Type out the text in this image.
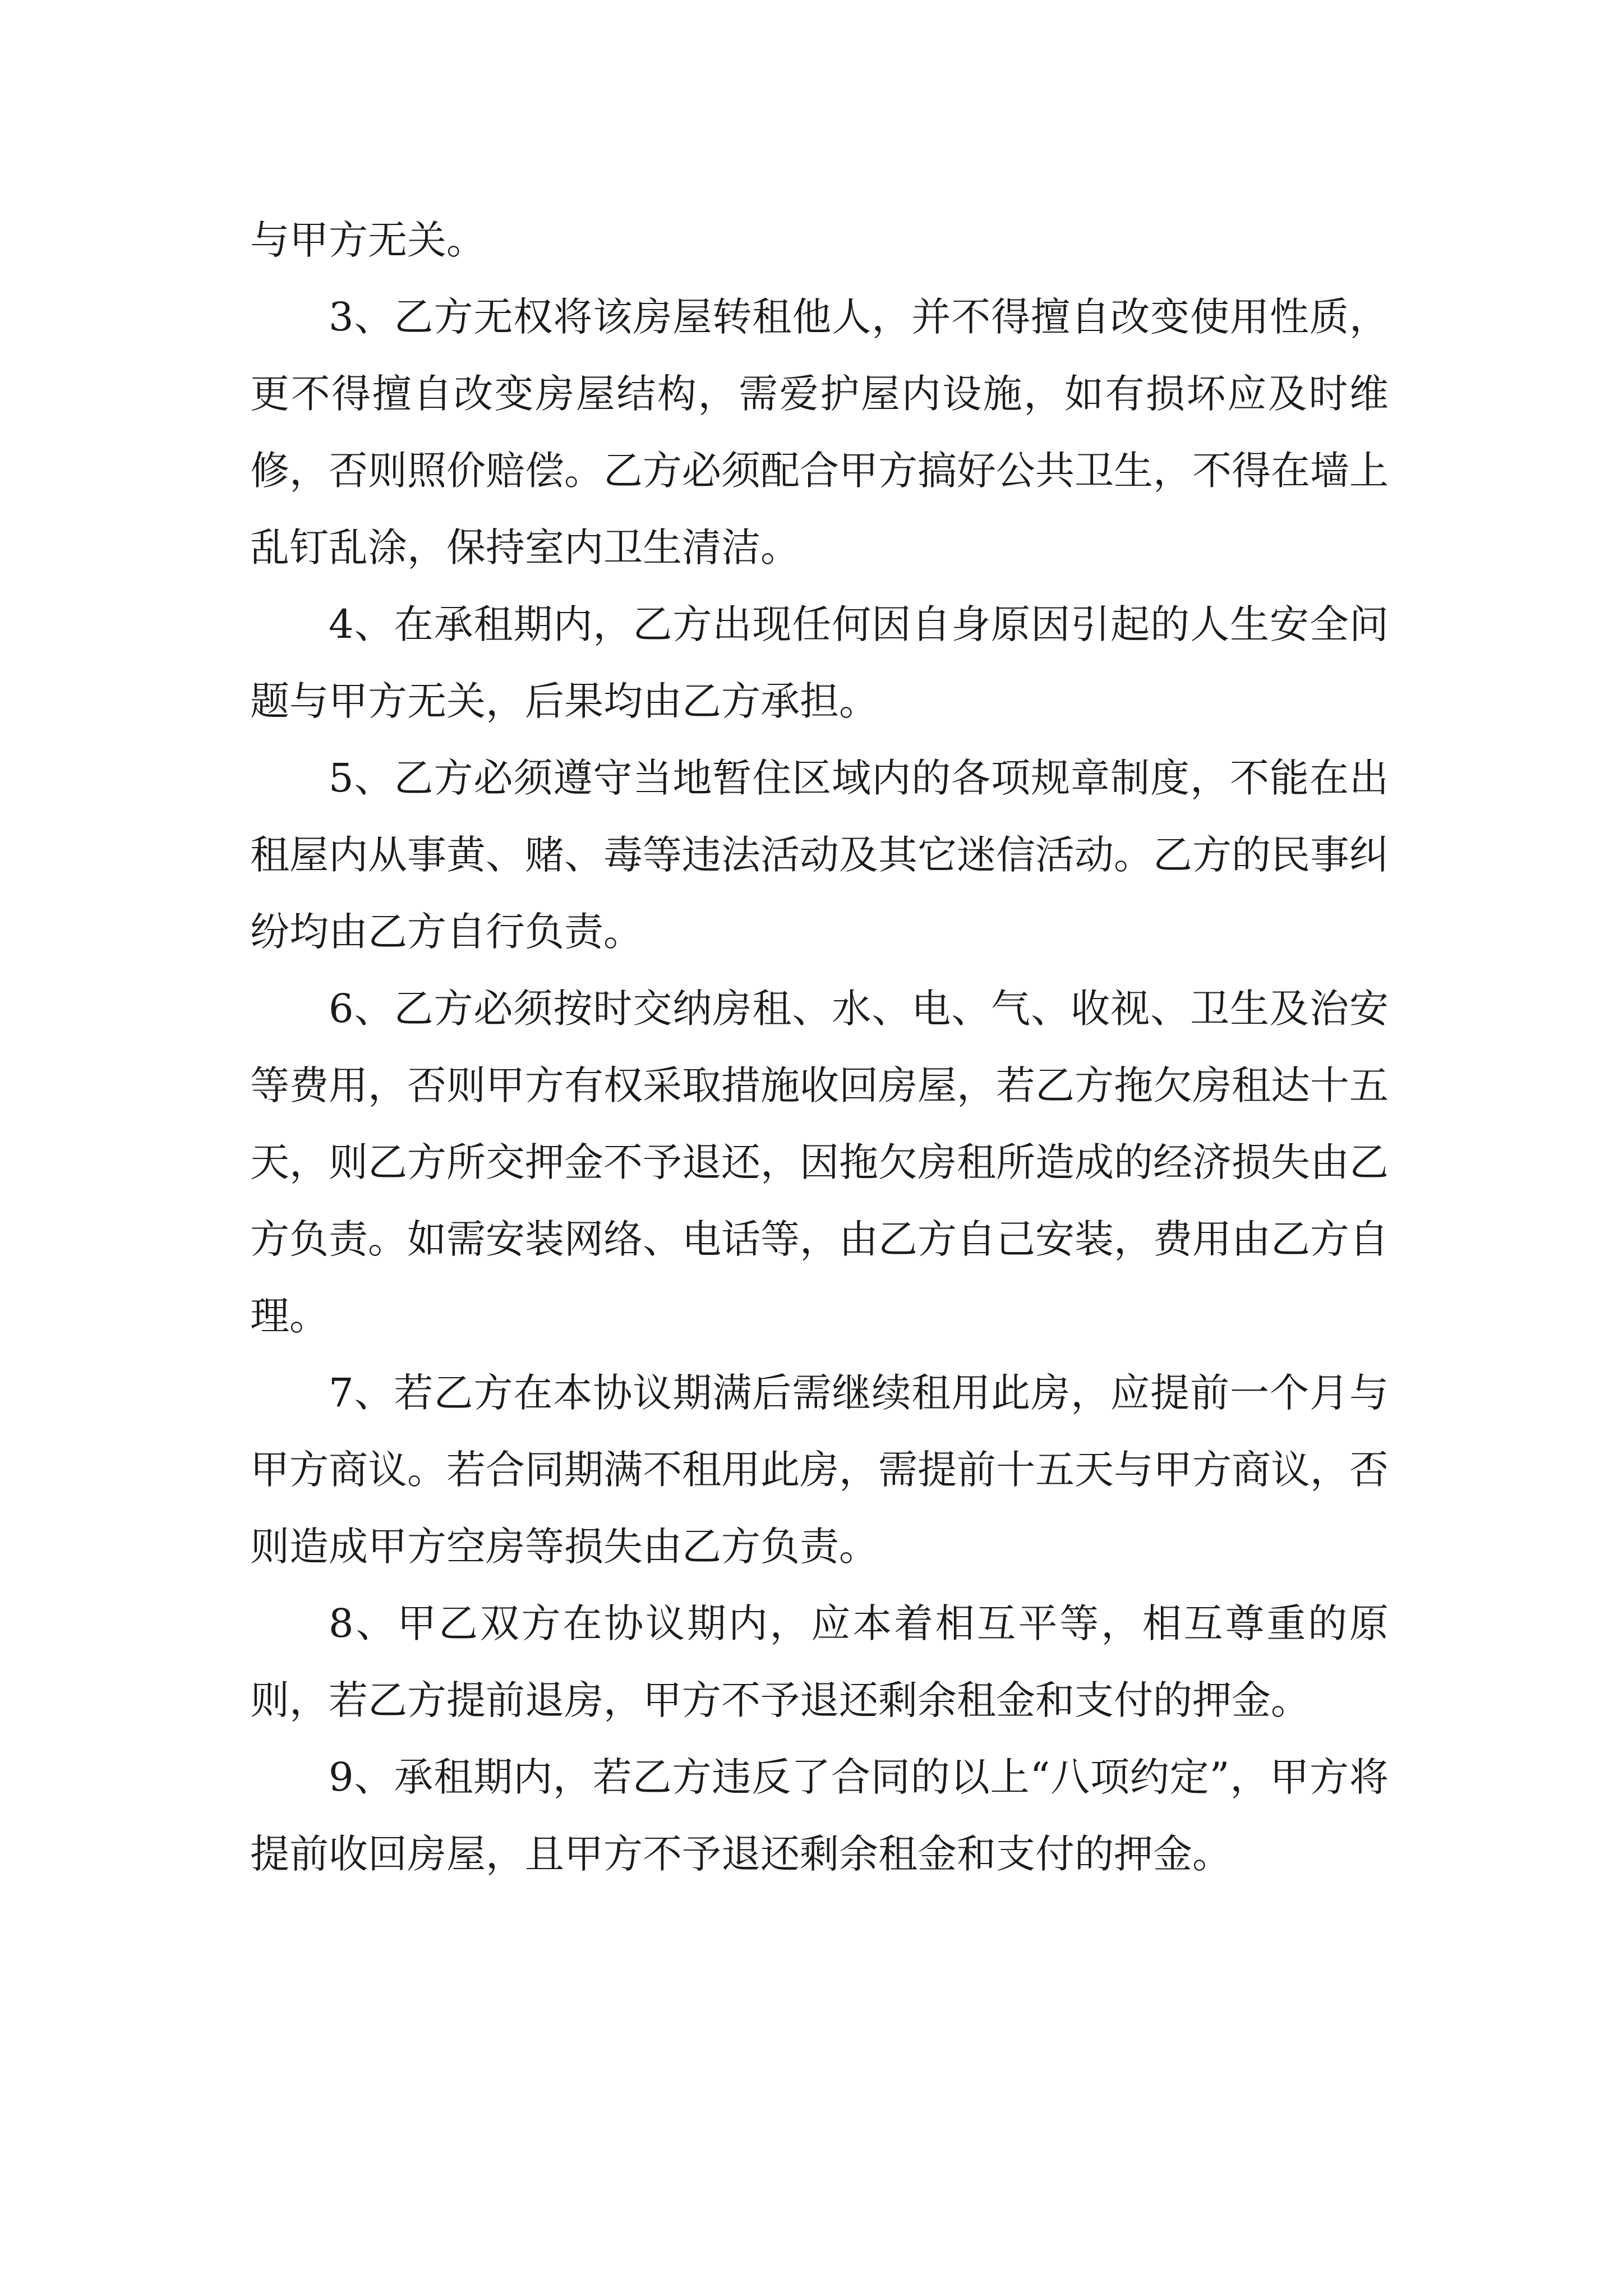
与甲方无关。

3、乙方无权将该房屋转租他人，并不得擅自改变使用性质，更不得擅自改变房屋结构，需爱护屋内设施，如有损坏应及时维修，否则照价赔偿。乙方必须配合甲方搞好公共卫生，不得在墙上乱钉乱涂，保持室内卫生清洁。

4、在承租期内，乙方出现任何因自身原因引起的人生安全问题与甲方无关，后果均由乙方承担。

5、乙方必须遵守当地暂住区域内的各项规章制度，不能在出租屋内从事黄、赌、毒等违法活动及其它迷信活动。乙方的民事纠纷均由乙方自行负责。

6、乙方必须按时交纳房租、水、电、气、收视、卫生及治安等费用，否则甲方有权采取措施收回房屋，若乙方拖欠房租达十五天，则乙方所交押金不予退还，因拖欠房租所造成的经济损失由乙方负责。如需安装网络、电话等，由乙方自己安装，费用由乙方自理。

7、若乙方在本协议期满后需继续租用此房，应提前一个月与甲方商议。若合同期满不租用此房，需提前十五天与甲方商议，否则造成甲方空房等损失由乙方负责。

8、甲乙双方在协议期内，应本着相互平等，相互尊重的原则，若乙方提前退房，甲方不予退还剩余租金和支付的押金。

9、承租期内，若乙方违反了合同的以上“八项约定”，甲方将提前收回房屋，且甲方不予退还剩余租金和支付的押金。
